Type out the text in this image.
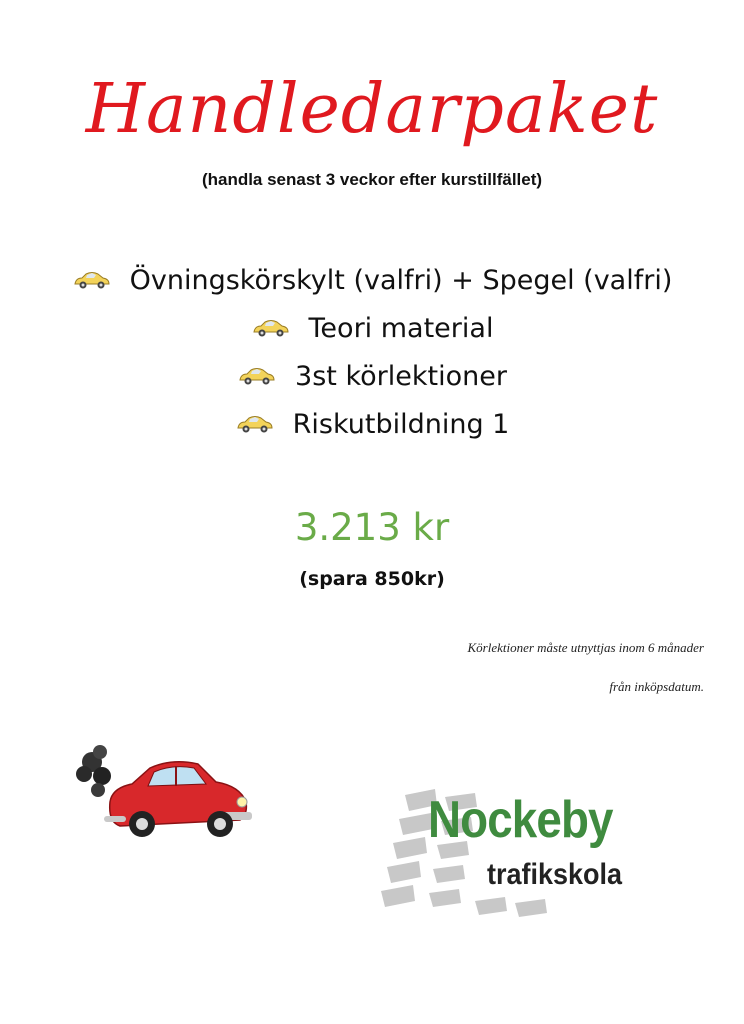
Handledarpaket
(handla senast 3 veckor efter kurstillfället)
Övningskörskylt (valfri) + Spegel (valfri)
Teori material
3st körlektioner
Riskutbildning 1
3.213 kr
(spara 850kr)
Körlektioner måste utnyttjas inom 6 månader
från inköpsdatum.
Nockeby
trafikskola
